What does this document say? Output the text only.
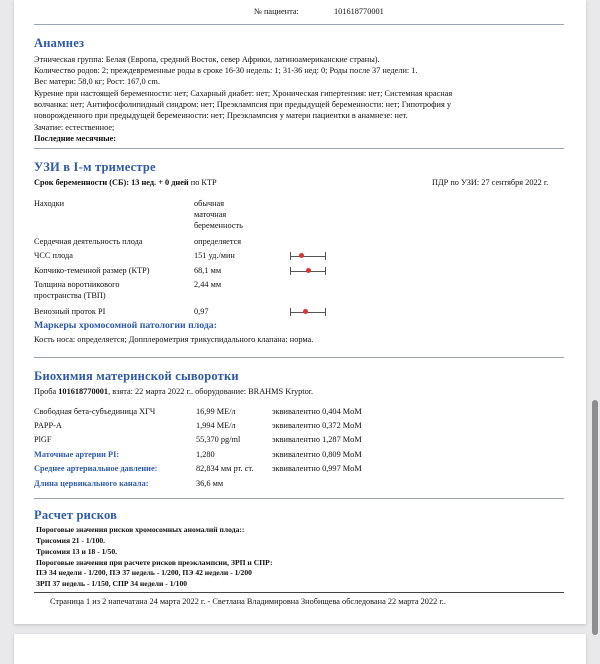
№ пациента:	101618770001
Анамнез
Этническая группа: Белая (Европа, средний Восток, север Африки, латиноамериканские страны).
Количество родов: 2; преждевременные роды в сроке 16-30 недель: 1; 31-36 нед: 0; Роды после 37 недели: 1.
Вес матери: 58,0 кг; Рост: 167,0 cm.
Курение при настоящей беременности: нет; Сахарный диабет: нет; Хроническая гипертензия: нет; Системная красная
волчанка: нет; Антифосфолипидный синдром: нет; Преэклампсия при предыдущей беременности: нет; Гипотрофия у
новорожденного при предыдущей беременности: нет; Преэклампсия у матери пациентки в анамнезе: нет.
Зачатие: естественное;
Последние месячные:
УЗИ в I-м триместре
Срок беременности (СБ): 13 нед. + 0 дней по КТР	ПДР по УЗИ: 27 сентября 2022 г.
Находки	обычная
маточная
беременность
Сердечная деятельность плода	определяется
ЧСС плода	151 уд./мин
Копчико-теменной размер (КТР)	68,1 мм
Толщина воротникового
пространства (ТВП)
2,44 мм
Венозный проток PI	0,97
Маркеры хромосомной патологии плода:
Кость носа: определяется; Допплерометрия трикуспидального клапана: норма.
Биохимия материнской сыворотки
Проба 101618770001, взята: 22 марта 2022 г.. оборудование: BRAHMS Kryptor.
Свободная бета-субъединица ХГЧ	16,99 МЕ/л	эквивалентно 0,404 MoM
PAPP-A	1,994 МЕ/л	эквивалентно 0,372 MoM
PlGF	55,370 pg/ml	эквивалентно 1,287 MoM
Маточные артерии PI:	1,280	эквивалентно 0,809 MoM
Среднее артериальное давление:	82,834 мм рт. ст. эквивалентно 0,997 MoM
Длина цервикального канала:	36,6 мм
Расчет рисков
Пороговые значения рисков хромосомных аномалий плода::
Трисомия 21 - 1/100.
Трисомия 13 и 18 - 1/50.
Пороговые значения при расчете рисков преэклампсии, ЗРП и СПР:
ПЭ 34 недели - 1/200, ПЭ 37 недель - 1/200, ПЭ 42 недели - 1/200
ЗРП 37 недель - 1/150, СПР 34 недели - 1/100
Страница 1 из 2 напечатана 24 марта 2022 г. - Светлана Владимировна Знобищева обследована 22 марта 2022 г..
